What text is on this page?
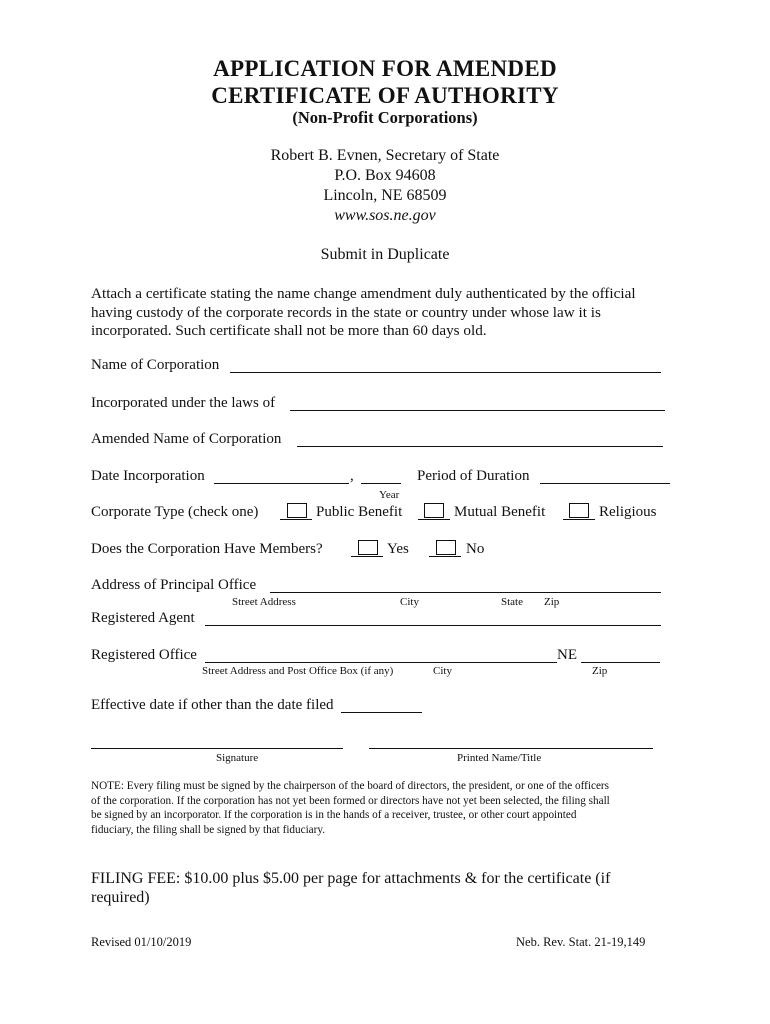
APPLICATION FOR AMENDED
CERTIFICATE OF AUTHORITY
(Non-Profit Corporations)
Robert B. Evnen, Secretary of State
P.O. Box 94608
Lincoln, NE 68509
www.sos.ne.gov
Submit in Duplicate
Attach a certificate stating the name change amendment duly authenticated by the official
having custody of the corporate records in the state or country under whose law it is
incorporated. Such certificate shall not be more than 60 days old.
Name of Corporation
Incorporated under the laws of
Amended Name of Corporation
Date Incorporation	,
Year
Period of Duration
Corporate Type (check one)	Public Benefit	Mutual Benefit	Religious
Does the Corporation Have Members?	Yes	No
Address of Principal Office
Street Address	City	State Zip
Registered Agent
Registered Office	NE
Street Address and Post Office Box (if any)	City	Zip
Effective date if other than the date filed
Signature	Printed Name/Title
NOTE: Every filing must be signed by the chairperson of the board of directors, the president, or one of the officers
of the corporation. If the corporation has not yet been formed or directors have not yet been selected, the filing shall
be signed by an incorporator. If the corporation is in the hands of a receiver, trustee, or other court appointed
fiduciary, the filing shall be signed by that fiduciary.
FILING FEE: $10.00 plus $5.00 per page for attachments & for the certificate (if
required)
Revised 01/10/2019	Neb. Rev. Stat. 21-19,149
